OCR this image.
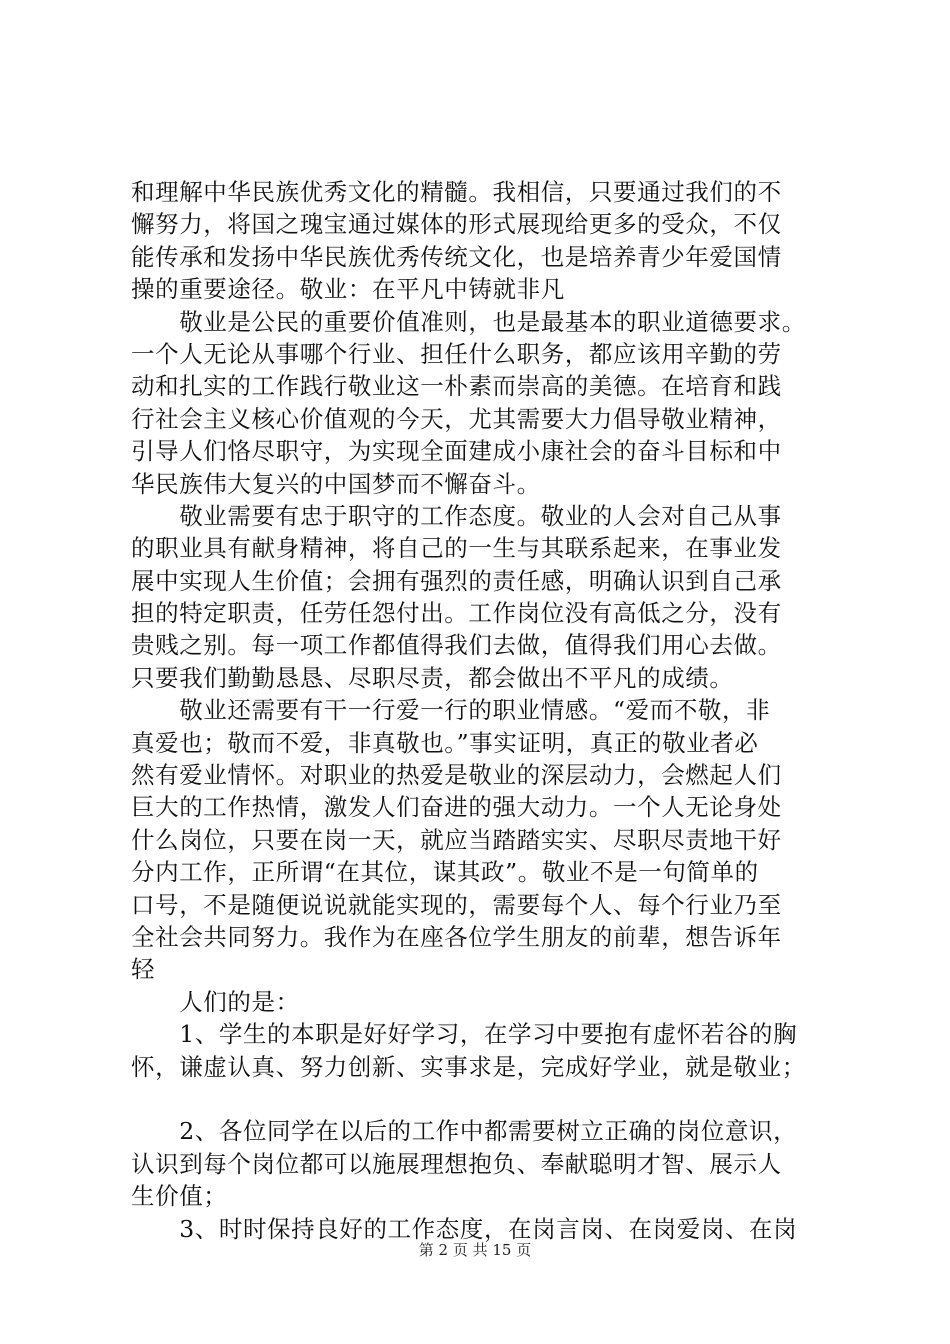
和理解中华民族优秀文化的精髓。我相信，只要通过我们的不
懈努力，将国之瑰宝通过媒体的形式展现给更多的受众，不仅
能传承和发扬中华民族优秀传统文化，也是培养青少年爱国情
操的重要途径。敬业：在平凡中铸就非凡
　　敬业是公民的重要价值准则，也是最基本的职业道德要求。
一个人无论从事哪个行业、担任什么职务，都应该用辛勤的劳
动和扎实的工作践行敬业这一朴素而崇高的美德。在培育和践
行社会主义核心价值观的今天，尤其需要大力倡导敬业精神，
引导人们恪尽职守，为实现全面建成小康社会的奋斗目标和中
华民族伟大复兴的中国梦而不懈奋斗。
　　敬业需要有忠于职守的工作态度。敬业的人会对自己从事
的职业具有献身精神，将自己的一生与其联系起来，在事业发
展中实现人生价值；会拥有强烈的责任感，明确认识到自己承
担的特定职责，任劳任怨付出。工作岗位没有高低之分，没有
贵贱之别。每一项工作都值得我们去做，值得我们用心去做。
只要我们勤勤恳恳、尽职尽责，都会做出不平凡的成绩。
　　敬业还需要有干一行爱一行的职业情感。“爱而不敬，非
真爱也；敬而不爱，非真敬也。”事实证明，真正的敬业者必
然有爱业情怀。对职业的热爱是敬业的深层动力，会燃起人们
巨大的工作热情，激发人们奋进的强大动力。一个人无论身处
什么岗位，只要在岗一天，就应当踏踏实实、尽职尽责地干好
分内工作，正所谓“在其位，谋其政”。敬业不是一句简单的
口号，不是随便说说就能实现的，需要每个人、每个行业乃至
全社会共同努力。我作为在座各位学生朋友的前辈，想告诉年
轻
　　人们的是：
　　1、学生的本职是好好学习，在学习中要抱有虚怀若谷的胸
怀，谦虚认真、努力创新、实事求是，完成好学业，就是敬业；
　　2、各位同学在以后的工作中都需要树立正确的岗位意识，
认识到每个岗位都可以施展理想抱负、奉献聪明才智、展示人
生价值；
　　3、时时保持良好的工作态度，在岗言岗、在岗爱岗、在岗
第 2 页 共 15 页
